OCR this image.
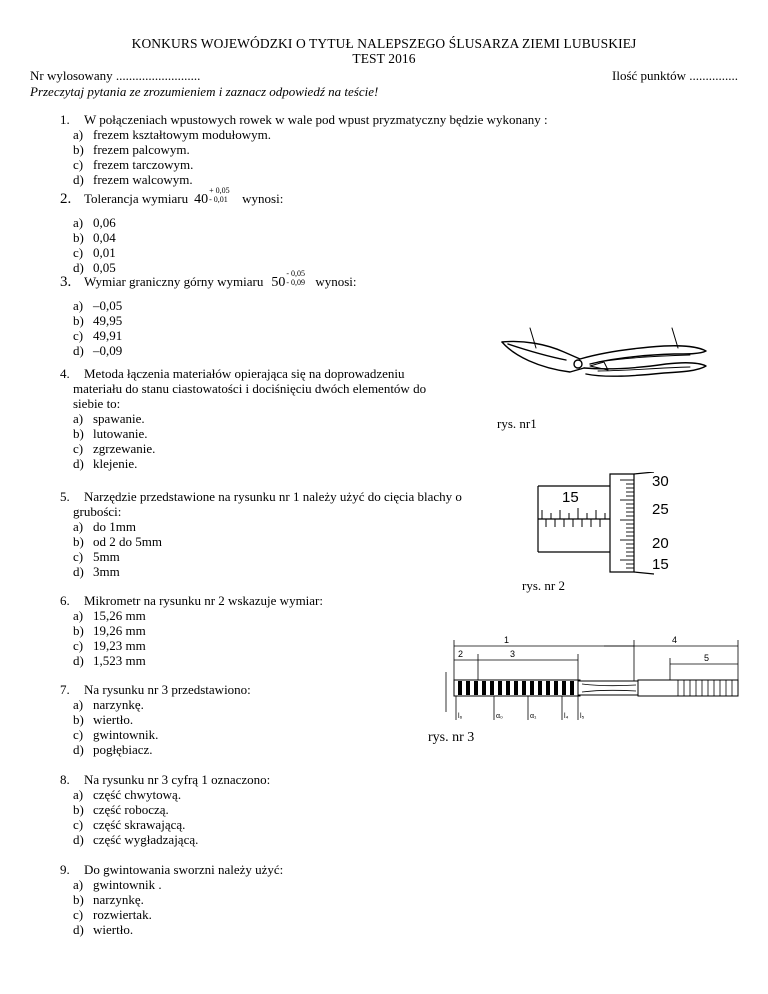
KONKURS WOJEWÓDZKI O TYTUŁ NALEPSZEGO ŚLUSARZA ZIEMI LUBUSKIEJ
TEST 2016
Nr wylosowany ..........................	Ilość punktów ...............
Przeczytaj pytania ze zrozumieniem i zaznacz odpowiedź na teście!
1. W połączeniach wpustowych rowek w wale pod wpust pryzmatyczny będzie wykonany :
a) frezem kształtowym modułowym.
b) frezem palcowym.
c) frezem tarczowym.
d) frezem walcowym.
2. Tolerancja wymiaru 40
+ 0,05
- 0,01 wynosi:
a) 0,06
b) 0,04
c) 0,01
d) 0,05
3. Wymiar graniczny górny wymiaru 50
- 0,05
- 0,09 wynosi:
a) –0,05
b) 49,95
c) 49,91
d) –0,09
4. Metoda łączenia materiałów opierająca się na doprowadzeniu
materiału do stanu ciastowatości i dociśnięciu dwóch elementów do
siebie to:
a) spawanie.
b) lutowanie.
c) zgrzewanie.
d) klejenie.
5. Narzędzie przedstawione na rysunku nr 1 należy użyć do cięcia blachy o
grubości:
a) do 1mm
b) od 2 do 5mm
c) 5mm
d) 3mm
6. Mikrometr na rysunku nr 2 wskazuje wymiar:
a) 15,26 mm
b) 19,26 mm
c) 19,23 mm
d) 1,523 mm
7. Na rysunku nr 3 przedstawiono:
a) narzynkę.
b) wiertło.
c) gwintownik.
d) pogłębiacz.
8. Na rysunku nr 3 cyfrą 1 oznaczono:
a) część chwytową.
b) część roboczą.
c) część skrawającą.
d) część wygładzającą.
9. Do gwintowania sworzni należy użyć:
a) gwintownik .
b) narzynkę.
c) rozwiertak.
d) wiertło.
rys. nr1
15
30
25
20
15
rys. nr 2
1
2	3
4
5
l₆	α₀	α₁	l₄ l₅
rys. nr 3
